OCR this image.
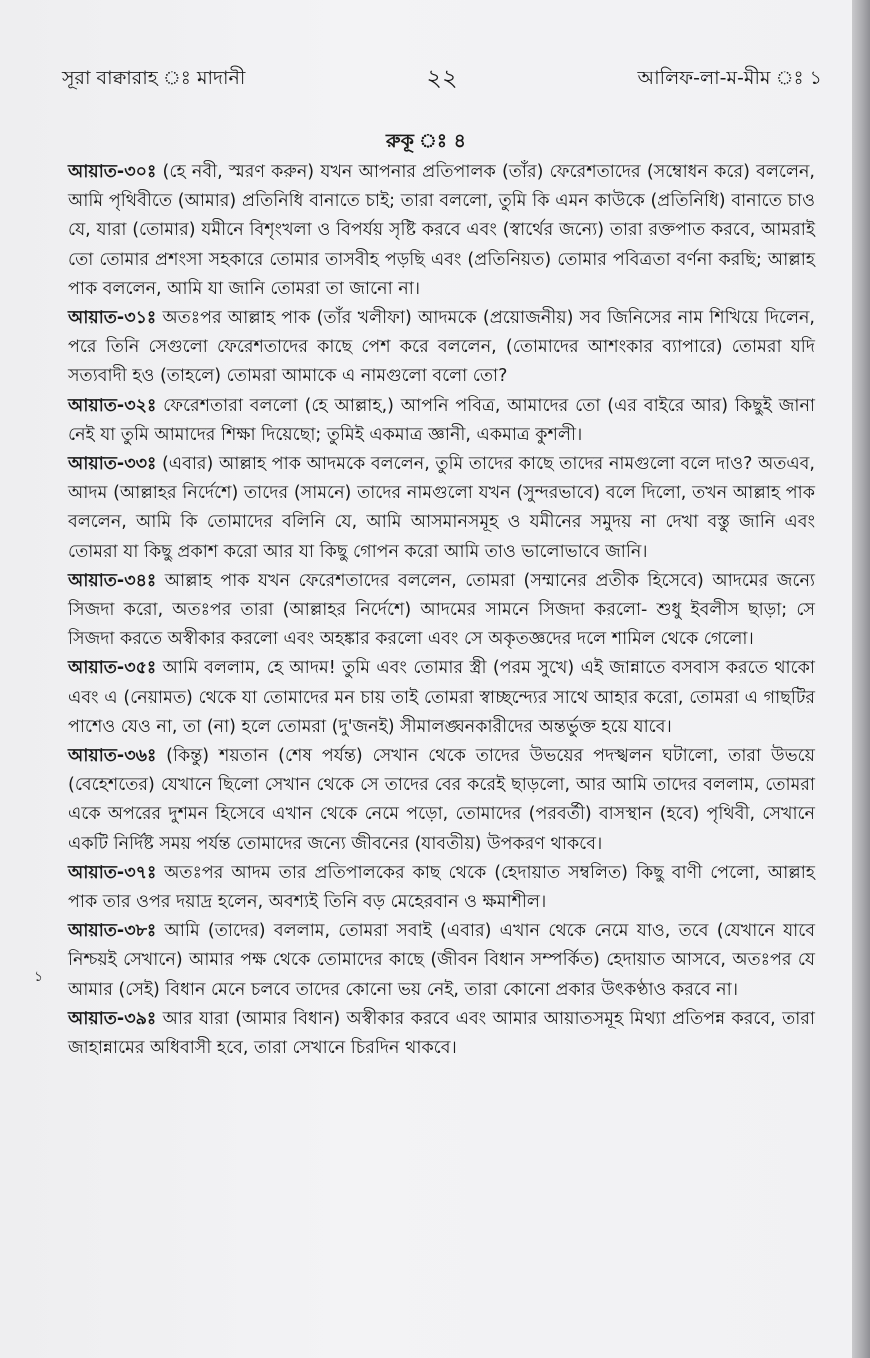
সূরা বাক্বারাহ ঃ মাদানী	২২	আলিফ-লা-ম-মীম ঃ ১
রুকূ ঃ ৪
১

আয়াত-৩০ঃ (হে নবী, স্মরণ করুন) যখন আপনার প্রতিপালক (তাঁর) ফেরেশতাদের (সম্বোধন করে) বললেন, আমি পৃথিবীতে (আমার) প্রতিনিধি বানাতে চাই; তারা বললো, তুমি কি এমন কাউকে (প্রতিনিধি) বানাতে চাও যে, যারা (তোমার) যমীনে বিশৃংখলা ও বিপর্যয় সৃষ্টি করবে এবং (স্বার্থের জন্যে) তারা রক্তপাত করবে, আমরাই তো তোমার প্রশংসা সহকারে তোমার তাসবীহ পড়ছি এবং (প্রতিনিয়ত) তোমার পবিত্রতা বর্ণনা করছি; আল্লাহ পাক বললেন, আমি যা জানি তোমরা তা জানো না।

আয়াত-৩১ঃ অতঃপর আল্লাহ পাক (তাঁর খলীফা) আদমকে (প্রয়োজনীয়) সব জিনিসের নাম শিখিয়ে দিলেন, পরে তিনি সেগুলো ফেরেশতাদের কাছে পেশ করে বললেন, (তোমাদের আশংকার ব্যাপারে) তোমরা যদি সত্যবাদী হও (তাহলে) তোমরা আমাকে এ নামগুলো বলো তো?

আয়াত-৩২ঃ ফেরেশতারা বললো (হে আল্লাহ,) আপনি পবিত্র, আমাদের তো (এর বাইরে আর) কিছুই জানা নেই যা তুমি আমাদের শিক্ষা দিয়েছো; তুমিই একমাত্র জ্ঞানী, একমাত্র কুশলী।

আয়াত-৩৩ঃ (এবার) আল্লাহ পাক আদমকে বললেন, তুমি তাদের কাছে তাদের নামগুলো বলে দাও? অতএব, আদম (আল্লাহর নির্দেশে) তাদের (সামনে) তাদের নামগুলো যখন (সুন্দরভাবে) বলে দিলো, তখন আল্লাহ পাক বললেন, আমি কি তোমাদের বলিনি যে, আমি আসমানসমূহ ও যমীনের সমুদয় না দেখা বস্তু জানি এবং তোমরা যা কিছু প্রকাশ করো আর যা কিছু গোপন করো আমি তাও ভালোভাবে জানি।

আয়াত-৩৪ঃ আল্লাহ পাক যখন ফেরেশতাদের বললেন, তোমরা (সম্মানের প্রতীক হিসেবে) আদমের জন্যে সিজদা করো, অতঃপর তারা (আল্লাহর নির্দেশে) আদমের সামনে সিজদা করলো- শুধু ইবলীস ছাড়া; সে সিজদা করতে অস্বীকার করলো এবং অহঙ্কার করলো এবং সে অকৃতজ্ঞদের দলে শামিল থেকে গেলো।

আয়াত-৩৫ঃ আমি বললাম, হে আদম! তুমি এবং তোমার স্ত্রী (পরম সুখে) এই জান্নাতে বসবাস করতে থাকো এবং এ (নেয়ামত) থেকে যা তোমাদের মন চায় তাই তোমরা স্বাচ্ছন্দ্যের সাথে আহার করো, তোমরা এ গাছটির পাশেও যেও না, তা (না) হলে তোমরা (দু'জনই) সীমালঙ্ঘনকারীদের অন্তর্ভুক্ত হয়ে যাবে।

আয়াত-৩৬ঃ (কিন্তু) শয়তান (শেষ পর্যন্ত) সেখান থেকে তাদের উভয়ের পদস্খলন ঘটালো, তারা উভয়ে (বেহেশতের) যেখানে ছিলো সেখান থেকে সে তাদের বের করেই ছাড়লো, আর আমি তাদের বললাম, তোমরা একে অপরের দুশমন হিসেবে এখান থেকে নেমে পড়ো, তোমাদের (পরবর্তী) বাসস্থান (হবে) পৃথিবী, সেখানে একটি নির্দিষ্ট সময় পর্যন্ত তোমাদের জন্যে জীবনের (যাবতীয়) উপকরণ থাকবে।

আয়াত-৩৭ঃ অতঃপর আদম তার প্রতিপালকের কাছ থেকে (হেদায়াত সম্বলিত) কিছু বাণী পেলো, আল্লাহ পাক তার ওপর দয়াদ্র হলেন, অবশ্যই তিনি বড় মেহেরবান ও ক্ষমাশীল।

আয়াত-৩৮ঃ আমি (তাদের) বললাম, তোমরা সবাই (এবার) এখান থেকে নেমে যাও, তবে (যেখানে যাবে নিশ্চয়ই সেখানে) আমার পক্ষ থেকে তোমাদের কাছে (জীবন বিধান সম্পর্কিত) হেদায়াত আসবে, অতঃপর যে আমার (সেই) বিধান মেনে চলবে তাদের কোনো ভয় নেই, তারা কোনো প্রকার উৎকণ্ঠাও করবে না।

আয়াত-৩৯ঃ আর যারা (আমার বিধান) অস্বীকার করবে এবং আমার আয়াতসমূহ মিথ্যা প্রতিপন্ন করবে, তারা জাহান্নামের অধিবাসী হবে, তারা সেখানে চিরদিন থাকবে।
